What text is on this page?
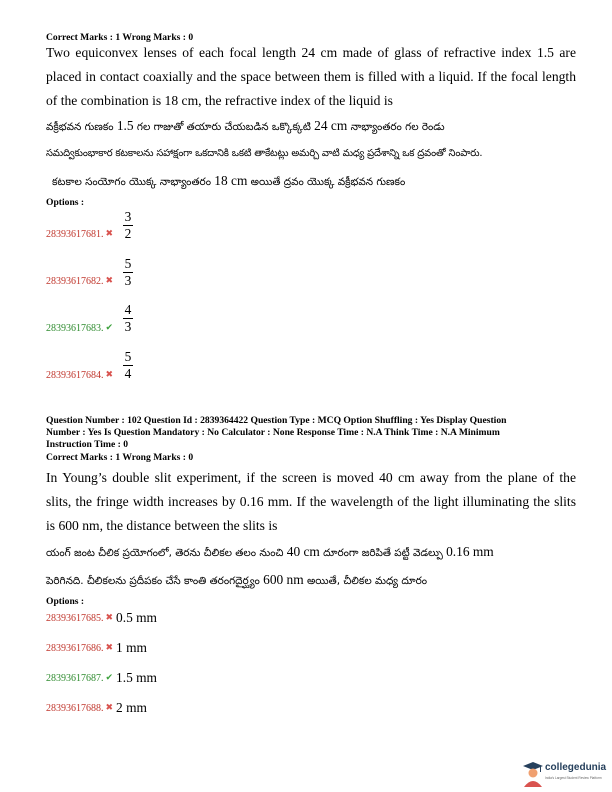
Correct Marks : 1 Wrong Marks : 0
Two equiconvex lenses of each focal length 24 cm made of glass of refractive index 1.5 are
placed in contact coaxially and the space between them is filled with a liquid. If the focal length
of the combination is 18 cm, the refractive index of the liquid is
వక్రీభవన గుణకం 1.5 గల గాజుతో తయారు చేయబడిన ఒక్కొక్కటి 24 cm నాభ్యాంతరం గల రెండు
సమద్వికుంభాకార కటకాలను సహాక్షంగా ఒకదానికి ఒకటి తాకేటట్లు అమర్చి వాటి మధ్య ప్రదేశాన్ని ఒక ద్రవంతో నింపారు.
కటకాల సంయోగం యొక్క నాభ్యాంతరం 18 cm అయితే ద్రవం యొక్క వక్రీభవన గుణకం
Options :
28393617681. ✖
3
2
28393617682. ✖
5
3
28393617683. ✔
4
3
28393617684. ✖
5
4
Question Number : 102 Question Id : 2839364422 Question Type : MCQ Option Shuffling : Yes Display Question
Number : Yes Is Question Mandatory : No Calculator : None Response Time : N.A Think Time : N.A Minimum
Instruction Time : 0
Correct Marks : 1 Wrong Marks : 0
In Young’s double slit experiment, if the screen is moved 40 cm away from the plane of the
slits, the fringe width increases by 0.16 mm. If the wavelength of the light illuminating the slits
is 600 nm, the distance between the slits is
యంగ్ జంట చీలిక ప్రయోగంలో, తెరను చీలికల తలం నుంచి 40 cm దూరంగా జరిపితే పట్టీ వెడల్పు 0.16 mm
పెరిగినది. చీలికలను ప్రదీపకం చేసే కాంతి తరంగదైర్ఘ్యం 600 nm అయితే, చీలికల మధ్య దూరం
Options :
28393617685. ✖ 0.5 mm
28393617686. ✖ 1 mm
28393617687. ✔ 1.5 mm
28393617688. ✖ 2 mm
collegedunia
India's Largest Student Review Platform
